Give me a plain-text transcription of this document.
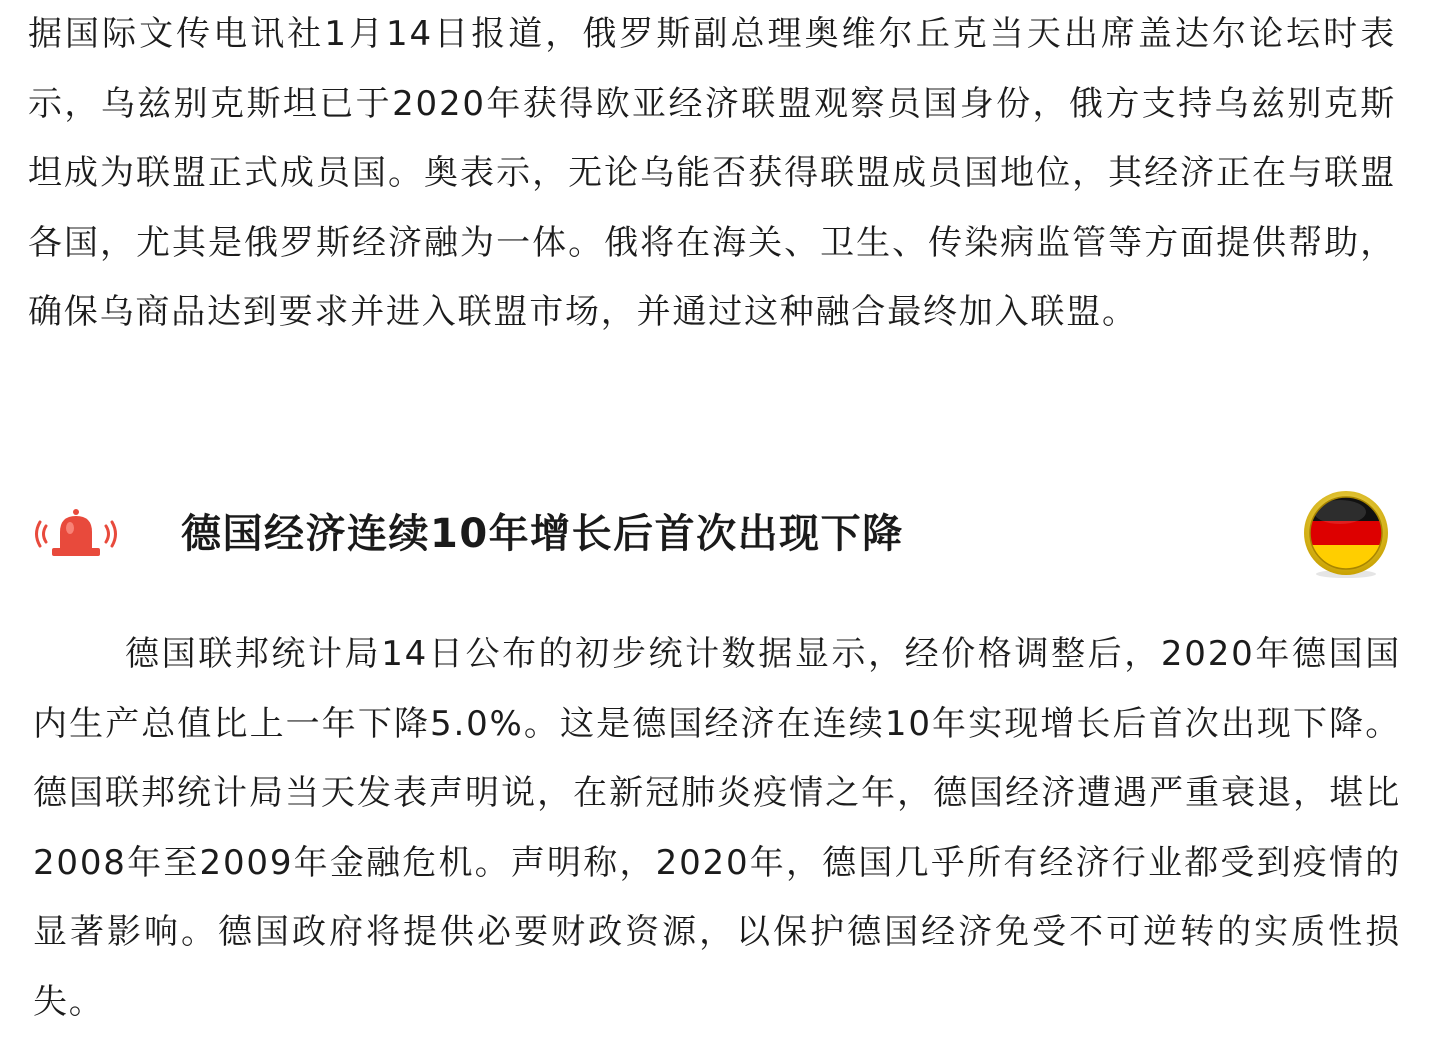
据国际文传电讯社1月14日报道，俄罗斯副总理奥维尔丘克当天出席盖达尔论坛时表示，乌兹别克斯坦已于2020年获得欧亚经济联盟观察员国身份，俄方支持乌兹别克斯坦成为联盟正式成员国。奥表示，无论乌能否获得联盟成员国地位，其经济正在与联盟各国，尤其是俄罗斯经济融为一体。俄将在海关、卫生、传染病监管等方面提供帮助，确保乌商品达到要求并进入联盟市场，并通过这种融合最终加入联盟。

德国经济连续10年增长后首次出现下降

德国联邦统计局14日公布的初步统计数据显示，经价格调整后，2020年德国国内生产总值比上一年下降5.0%。这是德国经济在连续10年实现增长后首次出现下降。德国联邦统计局当天发表声明说，在新冠肺炎疫情之年，德国经济遭遇严重衰退，堪比2008年至2009年金融危机。声明称，2020年，德国几乎所有经济行业都受到疫情的显著影响。德国政府将提供必要财政资源，以保护德国经济免受不可逆转的实质性损失。
